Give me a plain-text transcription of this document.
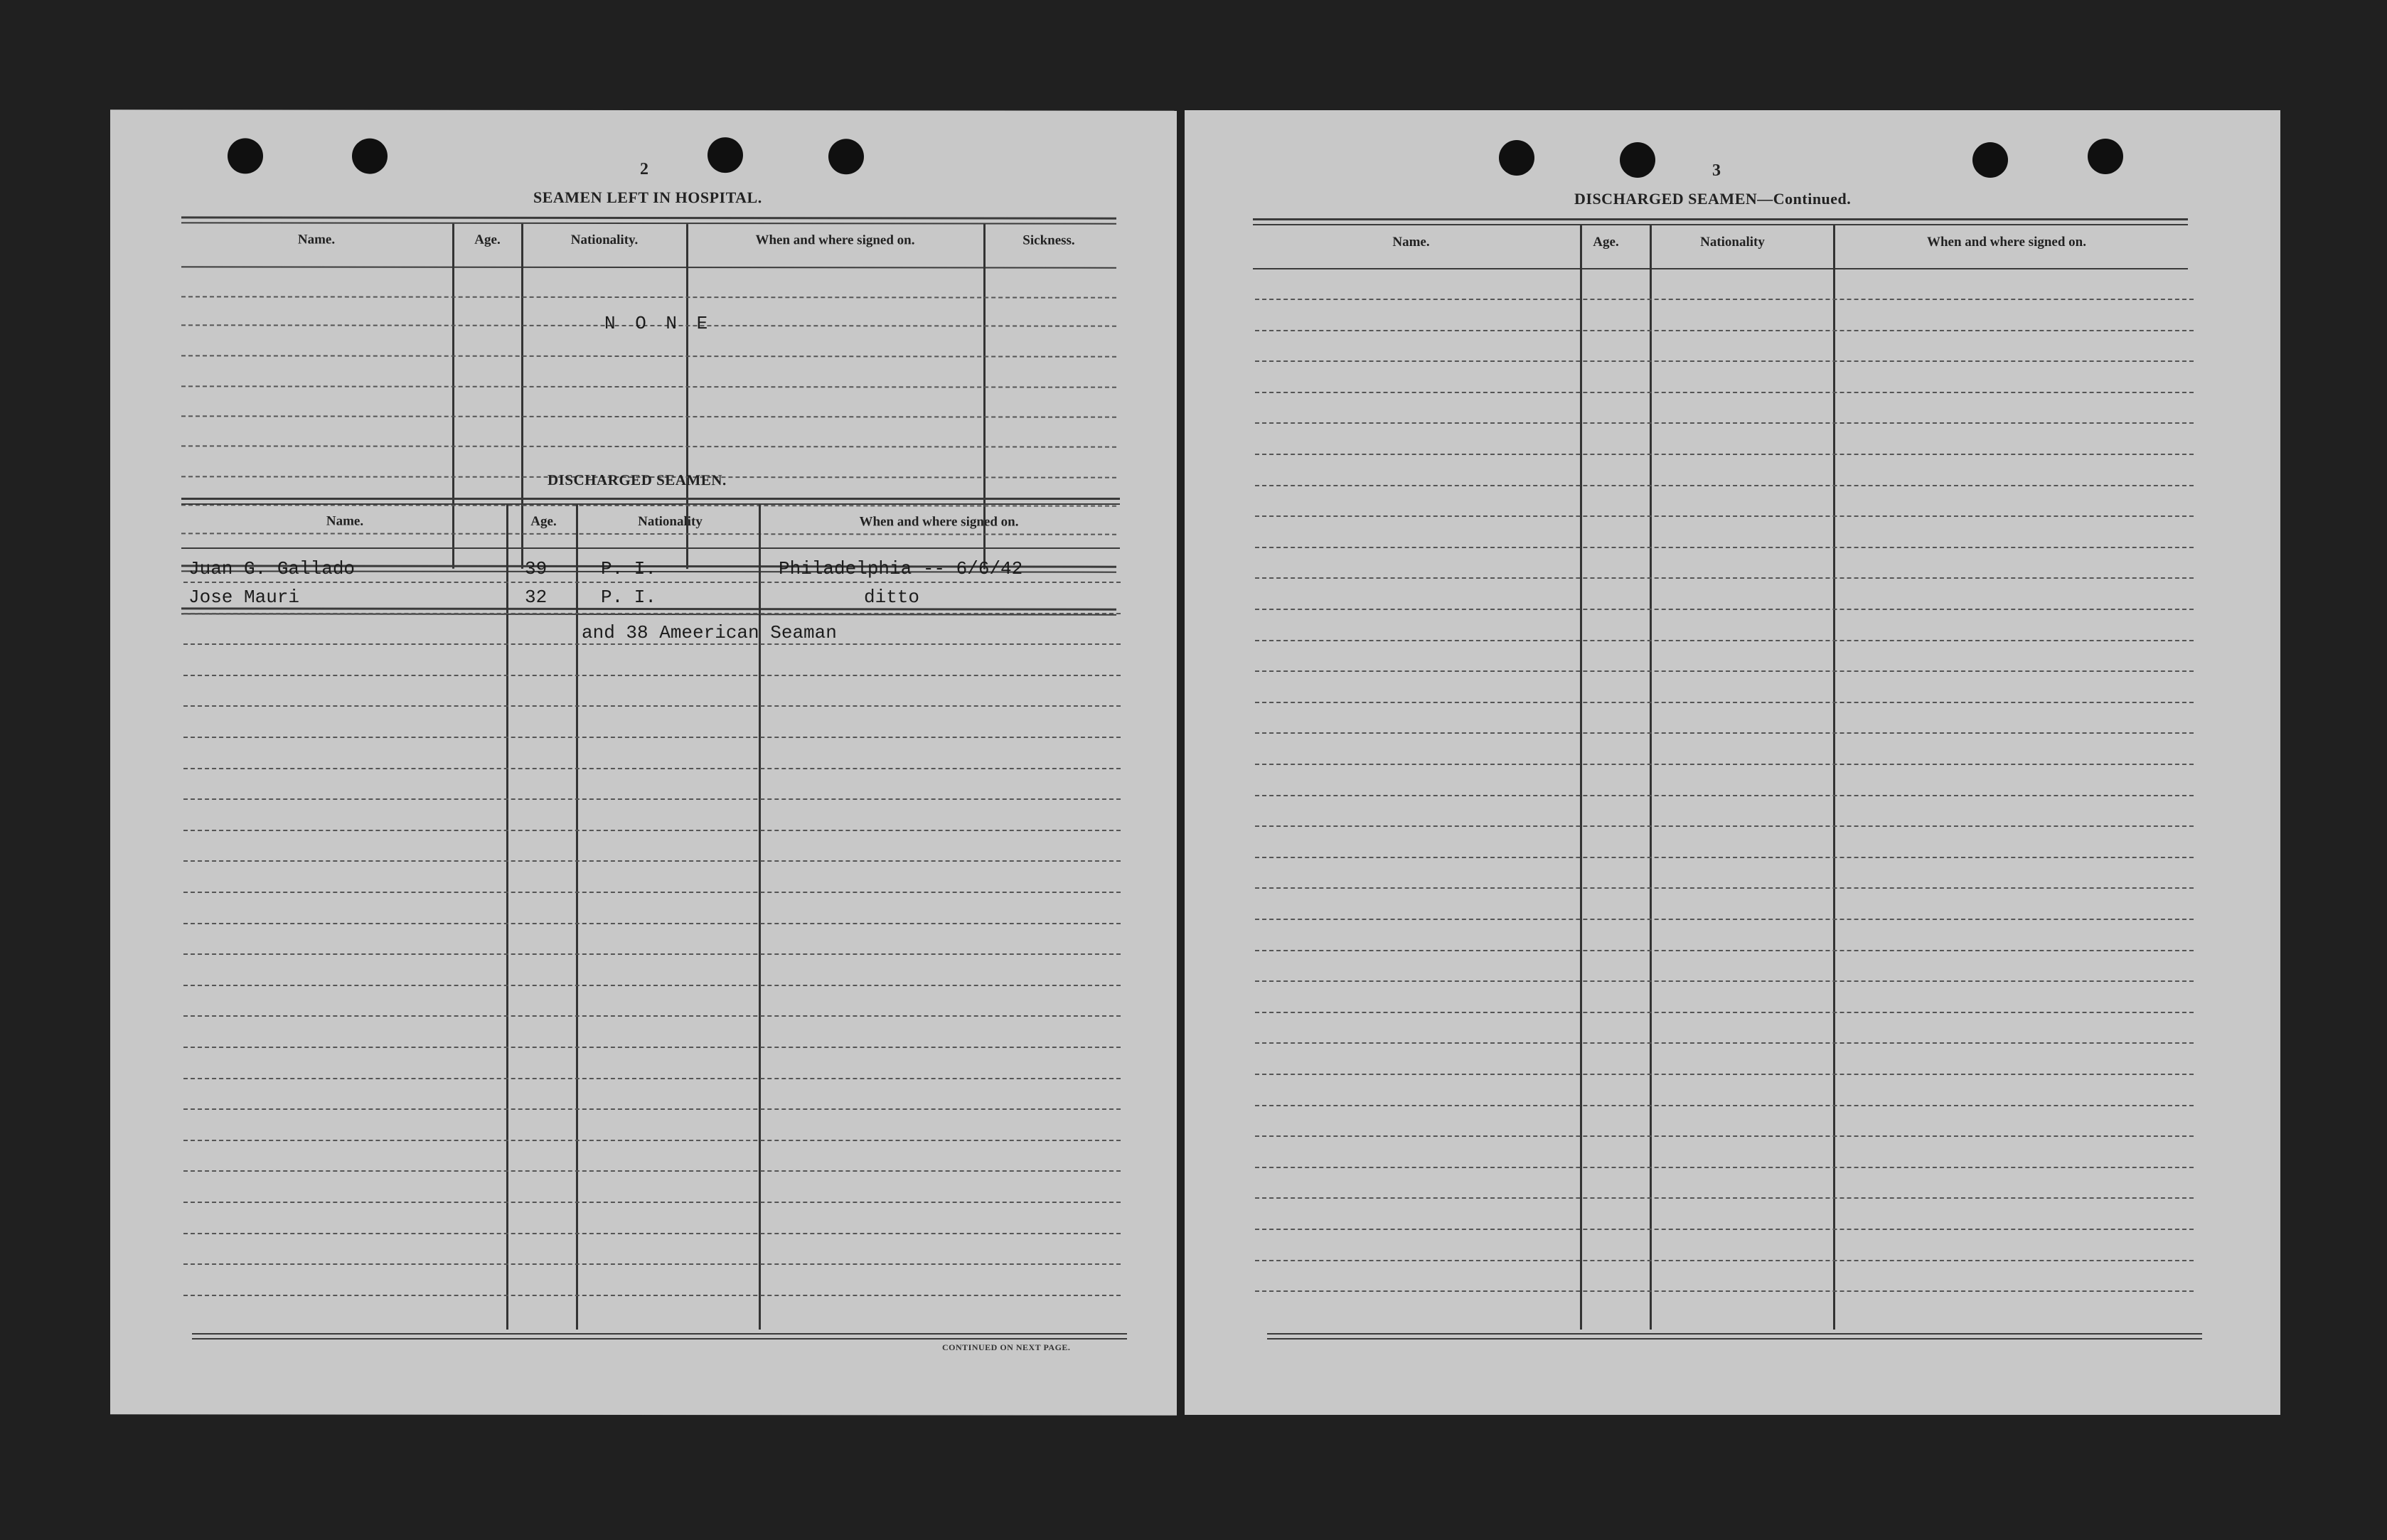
2
SEAMEN LEFT IN HOSPITAL.
Name.	Age.	Nationality.	When and where signed on.	Sickness.
N O N E
DISCHARGED SEAMEN.
Name.	Age.	Nationality	When and where signed on.
Juan G. Gallado	39	P. I.	Philadelphia -- 6/6/42
Jose Mauri	32	P. I.	ditto
and 38 Ameerican Seaman
CONTINUED ON NEXT PAGE.
3
DISCHARGED SEAMEN—Continued.
Name.	Age.	Nationality	When and where signed on.
